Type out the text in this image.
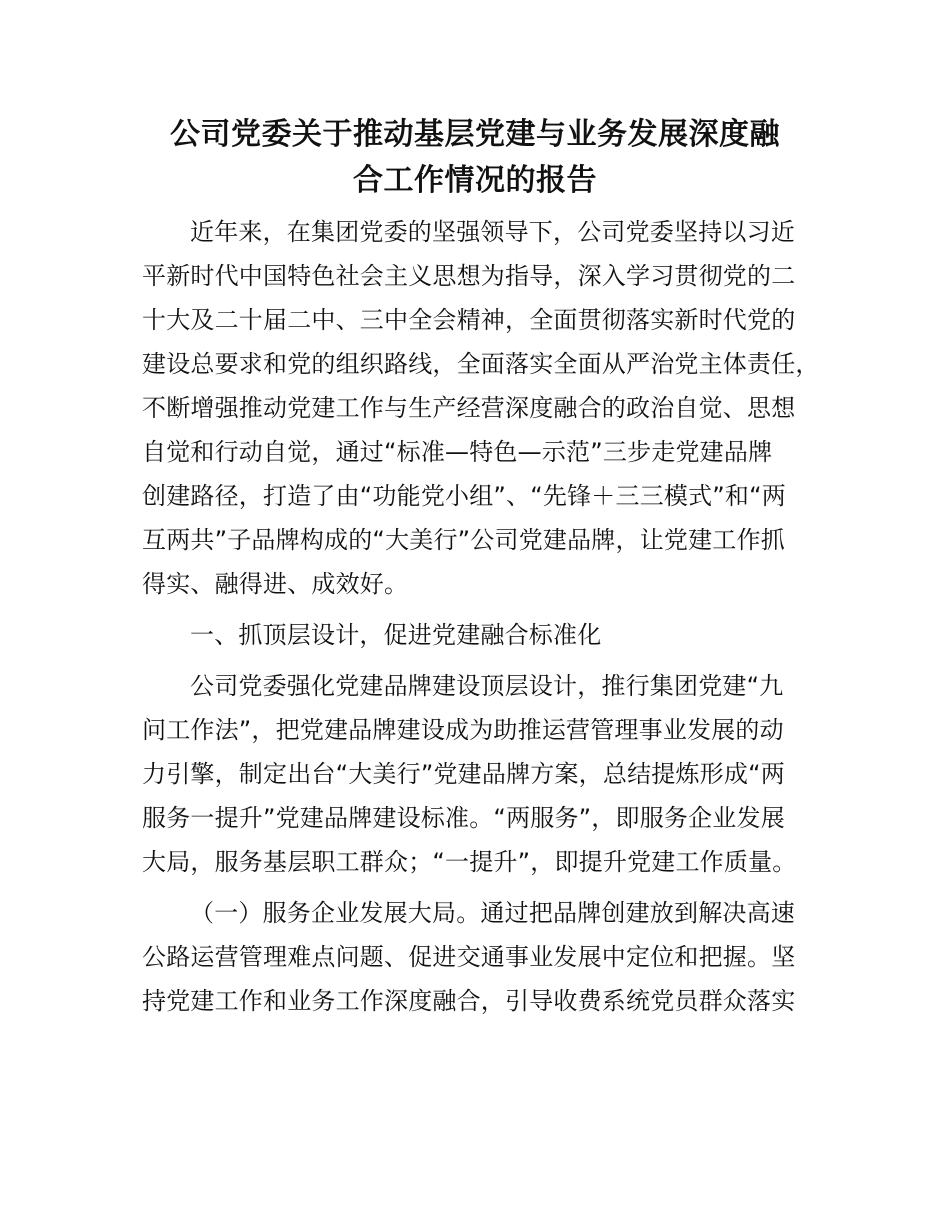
公司党委关于推动基层党建与业务发展深度融
合工作情况的报告
近年来，在集团党委的坚强领导下，公司党委坚持以习近
平新时代中国特色社会主义思想为指导，深入学习贯彻党的二
十大及二十届二中、三中全会精神，全面贯彻落实新时代党的
建设总要求和党的组织路线，全面落实全面从严治党主体责任，
不断增强推动党建工作与生产经营深度融合的政治自觉、思想
自觉和行动自觉，通过“标准—特色—示范”三步走党建品牌
创建路径，打造了由“功能党小组”、“先锋＋三三模式”和“两
互两共”子品牌构成的“大美行”公司党建品牌，让党建工作抓
得实、融得进、成效好。
一、抓顶层设计，促进党建融合标准化
公司党委强化党建品牌建设顶层设计，推行集团党建“九
问工作法”，把党建品牌建设成为助推运营管理事业发展的动
力引擎，制定出台“大美行”党建品牌方案，总结提炼形成“两
服务一提升”党建品牌建设标准。“两服务”，即服务企业发展
大局，服务基层职工群众；“一提升”，即提升党建工作质量。
（一）服务企业发展大局。通过把品牌创建放到解决高速
公路运营管理难点问题、促进交通事业发展中定位和把握。坚
持党建工作和业务工作深度融合，引导收费系统党员群众落实
